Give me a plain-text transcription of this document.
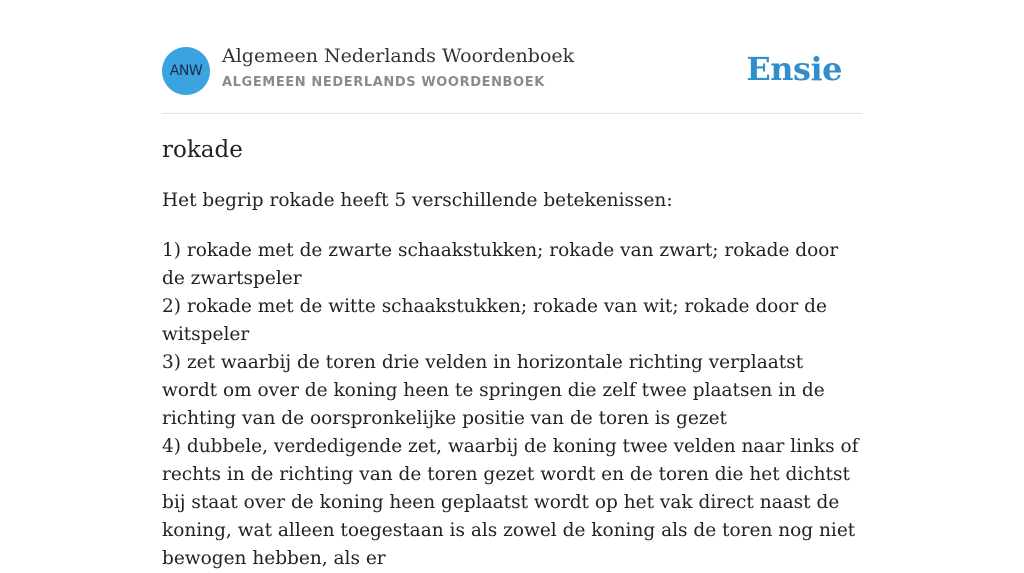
ANW
Algemeen Nederlands Woordenboek
ALGEMEEN NEDERLANDS WOORDENBOEK	Ensie
rokade

Het begrip rokade heeft 5 verschillende betekenissen:

1) rokade met de zwarte schaakstukken; rokade van zwart; rokade door de zwartspeler
2) rokade met de witte schaakstukken; rokade van wit; rokade door de witspeler
3) zet waarbij de toren drie velden in horizontale richting verplaatst wordt om over de koning heen te springen die zelf twee plaatsen in de richting van de oorspronkelijke positie van de toren is gezet
4) dubbele, verdedigende zet, waarbij de koning twee velden naar links of rechts in de richting van de toren gezet wordt en de toren die het dichtst bij staat over de koning heen geplaatst wordt op het vak direct naast de koning, wat alleen toegestaan is als zowel de koning als de toren nog niet bewogen hebben, als er
